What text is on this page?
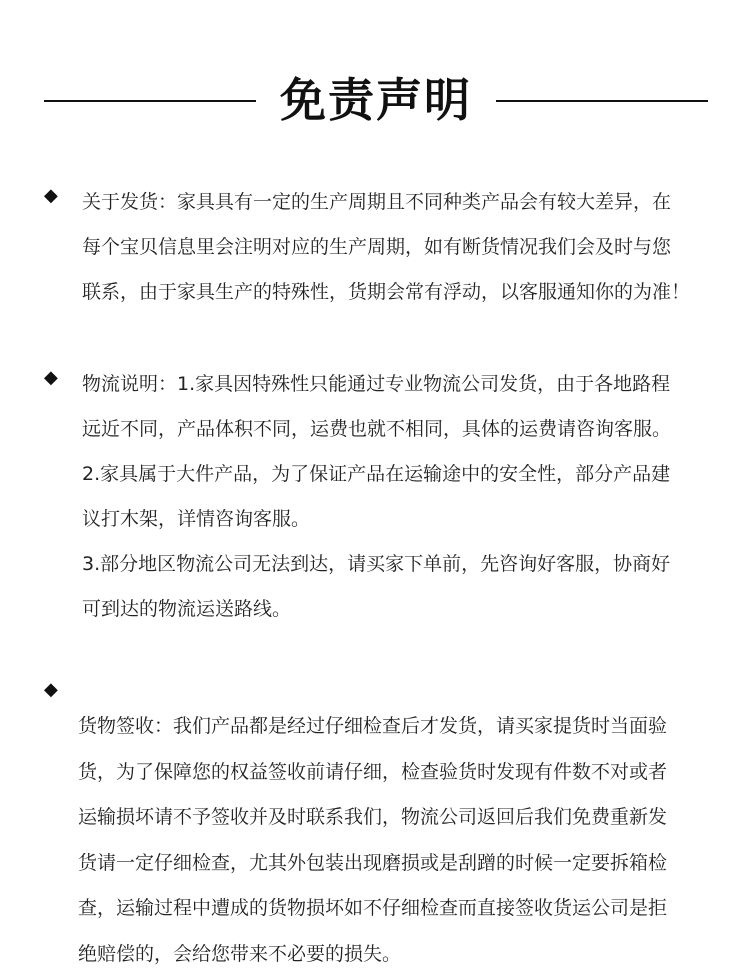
免责声明
◆ 关于发货：家具具有一定的生产周期且不同种类产品会有较大差异，在
每个宝贝信息里会注明对应的生产周期，如有断货情况我们会及时与您
联系，由于家具生产的特殊性，货期会常有浮动，以客服通知你的为准！
◆ 物流说明：1.家具因特殊性只能通过专业物流公司发货，由于各地路程
远近不同，产品体积不同，运费也就不相同，具体的运费请咨询客服。
2.家具属于大件产品，为了保证产品在运输途中的安全性，部分产品建
议打木架，详情咨询客服。
3.部分地区物流公司无法到达，请买家下单前，先咨询好客服，协商好
可到达的物流运送路线。
◆
货物签收：我们产品都是经过仔细检查后才发货，请买家提货时当面验
货，为了保障您的权益签收前请仔细，检查验货时发现有件数不对或者
运输损坏请不予签收并及时联系我们，物流公司返回后我们免费重新发
货请一定仔细检查，尤其外包装出现磨损或是刮蹭的时候一定要拆箱检
查，运输过程中遭成的货物损坏如不仔细检查而直接签收货运公司是拒
绝赔偿的，会给您带来不必要的损失。
